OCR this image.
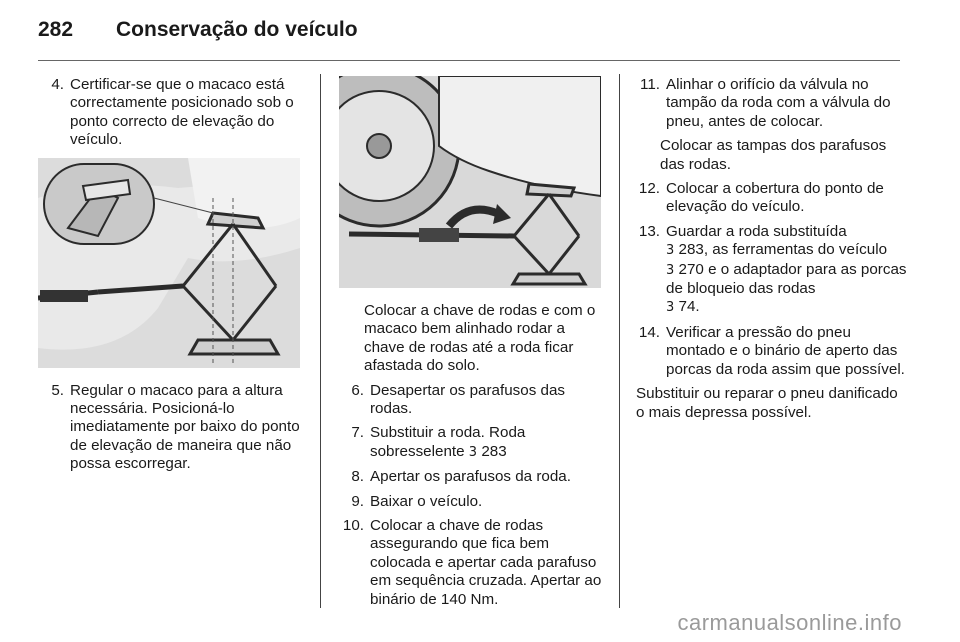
282	Conservação do veículo
4. Certificar-se que o macaco está correctamente posicionado sob o ponto correcto de elevação do veículo.
5. Regular o macaco para a altura necessária. Posicioná-lo imediatamente por baixo do ponto de elevação de maneira que não possa escorregar.

Colocar a chave de rodas e com o macaco bem alinhado rodar a chave de rodas até a roda ficar afastada do solo.

6. Desapertar os parafusos das rodas.
7. Substituir a roda. Roda sobresselente 3 283
8. Apertar os parafusos da roda.
9. Baixar o veículo.
10. Colocar a chave de rodas assegurando que fica bem colocada e apertar cada parafuso em sequência cruzada. Apertar ao binário de 140 Nm.
11. Alinhar o orifício da válvula no tampão da roda com a válvula do pneu, antes de colocar.

Colocar as tampas dos parafusos das rodas.

12. Colocar a cobertura do ponto de elevação do veículo.
13. Guardar a roda substituída
3 283, as ferramentas do veículo
3 270 e o adaptador para as porcas de bloqueio das rodas
3 74.
14. Verificar a pressão do pneu montado e o binário de aperto das porcas da roda assim que possível.

Substituir ou reparar o pneu danificado o mais depressa possível.

carmanualsonline.info
